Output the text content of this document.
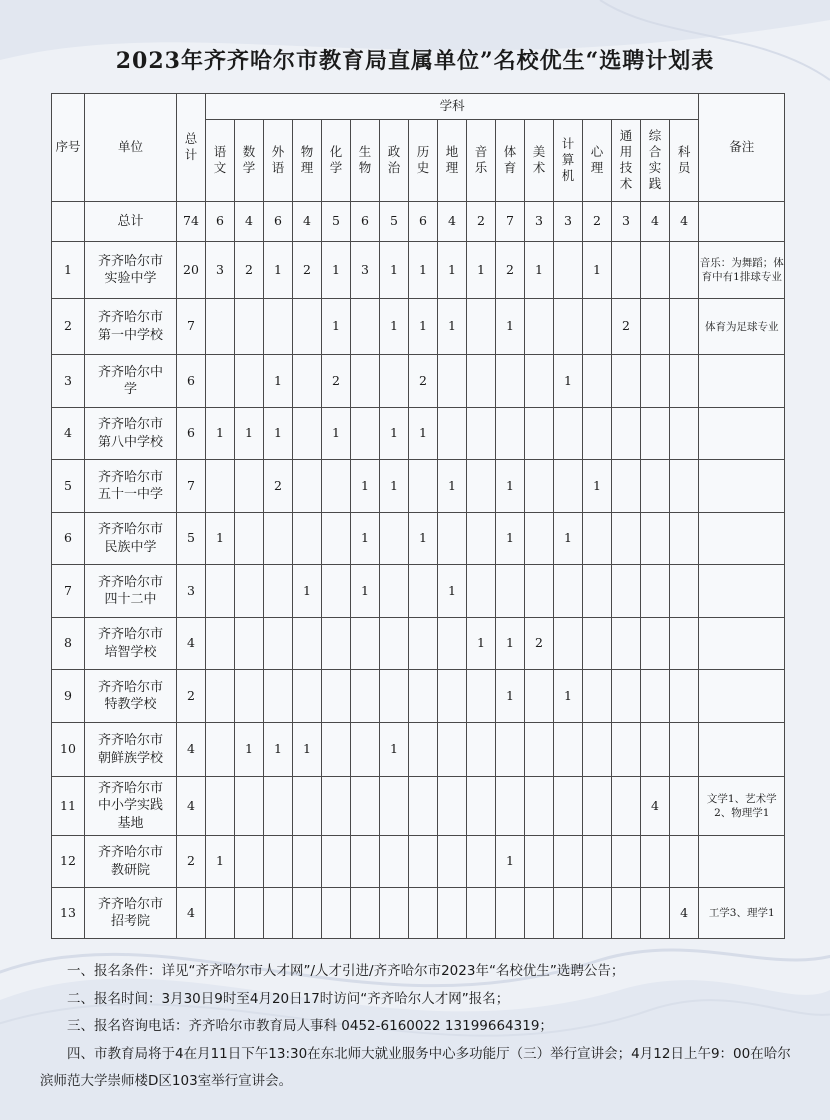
2023年齐齐哈尔市教育局直属单位”名校优生“选聘计划表
序号	单位	总计	学科																	备注
			语文	数学	外语	物理	化学	生物	政治	历史	地理	音乐	体育	美术	计算机	心理	通用技术	综合实践	科员	
	总计	74	6	4	6	4	5	6	5	6	4	2	7	3	3	2	3	4	4	
1	齐齐哈尔市实验中学	20	3	2	1	2	1	3	1	1	1	1	2	1		1				音乐：为舞蹈；体育中有1排球专业
2	齐齐哈尔市第一中学校	7					1		1	1	1		1				2			体育为足球专业
3	齐齐哈尔中学	6			1		2			2					1					
4	齐齐哈尔市第八中学校	6	1	1	1		1		1	1										
5	齐齐哈尔市五十一中学	7			2			1	1		1		1			1				
6	齐齐哈尔市民族中学	5	1					1		1			1		1					
7	齐齐哈尔市四十二中	3				1		1			1									
8	齐齐哈尔市培智学校	4										1	1	2						
9	齐齐哈尔市特教学校	2											1		1					
10	齐齐哈尔市朝鲜族学校	4		1	1	1			1											
11	齐齐哈尔市中小学实践基地	4																4		文学1、艺术学2、物理学1
12	齐齐哈尔市教研院	2	1										1							
13	齐齐哈尔市招考院	4																	4	工学3、理学1

一、报名条件：详见“齐齐哈尔市人才网”/人才引进/齐齐哈尔市2023年“名校优生”选聘公告；

二、报名时间：3月30日9时至4月20日17时访问“齐齐哈尔人才网”报名；

三、报名咨询电话：齐齐哈尔市教育局人事科 0452-6160022 13199664319；

四、市教育局将于4在月11日下午13:30在东北师大就业服务中心多功能厅（三）举行宣讲会；4月12日上午9：00在哈尔滨师范大学崇师楼D区103室举行宣讲会。
